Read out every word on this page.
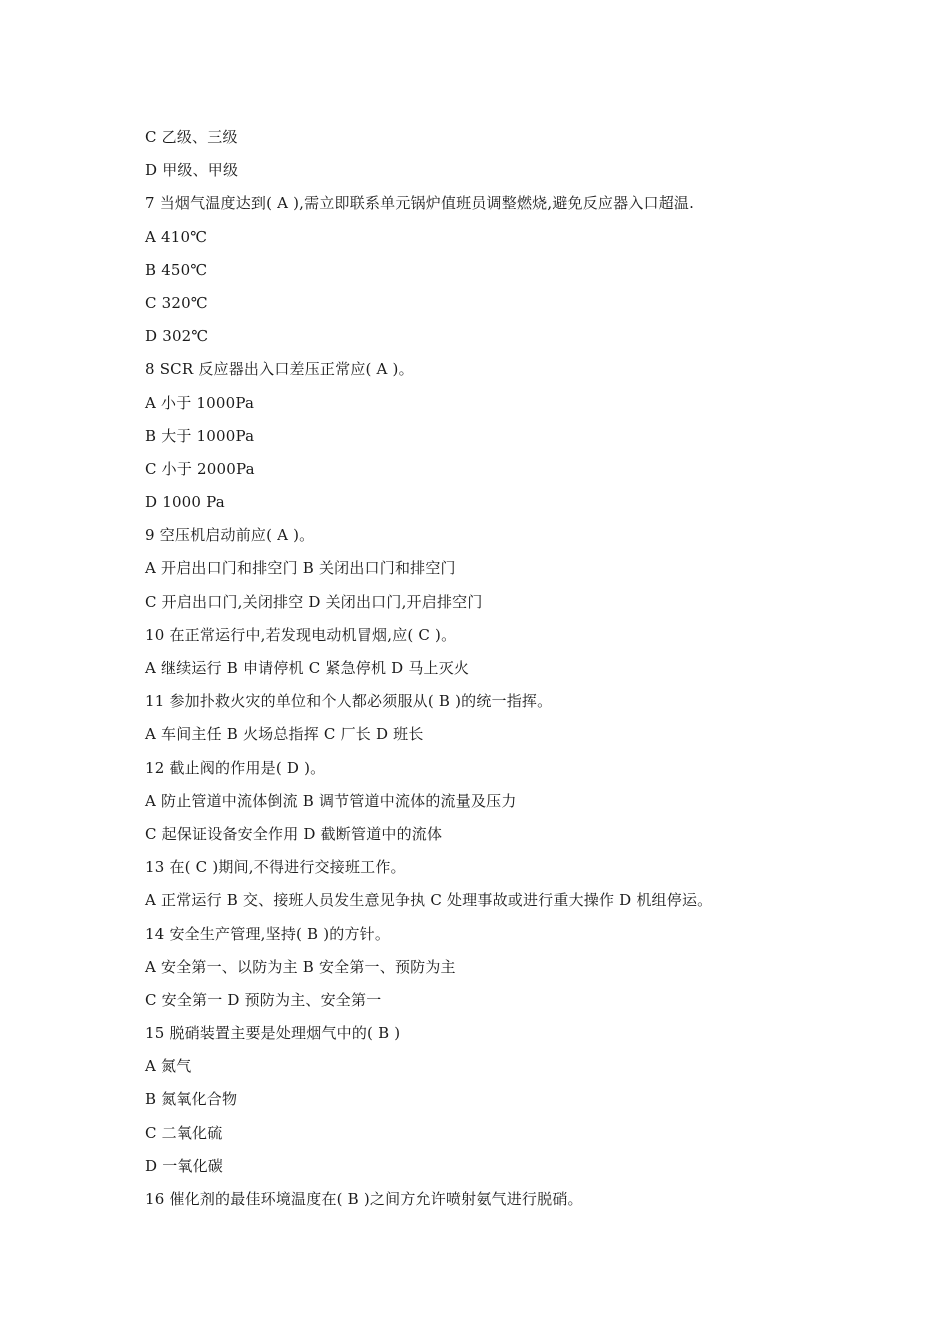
C 乙级、三级
D 甲级、甲级
7 当烟气温度达到( A ),需立即联系单元锅炉值班员调整燃烧,避免反应器入口超温.
A 410℃
B 450℃
C 320℃
D 302℃
8 SCR 反应器出入口差压正常应( A )。
A 小于 1000Pa
B 大于 1000Pa
C 小于 2000Pa
D 1000 Pa
9 空压机启动前应( A )。
A 开启出口门和排空门 B 关闭出口门和排空门
C 开启出口门,关闭排空 D 关闭出口门,开启排空门
10 在正常运行中,若发现电动机冒烟,应( C )。
A 继续运行 B 申请停机 C 紧急停机 D 马上灭火
11 参加扑救火灾的单位和个人都必须服从( B )的统一指挥。
A 车间主任 B 火场总指挥 C 厂长 D 班长
12 截止阀的作用是( D )。
A 防止管道中流体倒流 B 调节管道中流体的流量及压力
C 起保证设备安全作用 D 截断管道中的流体
13 在( C )期间,不得进行交接班工作。
A 正常运行 B 交、接班人员发生意见争执 C 处理事故或进行重大操作 D 机组停运。
14 安全生产管理,坚持( B )的方针。
A 安全第一、以防为主 B 安全第一、预防为主
C 安全第一 D 预防为主、安全第一
15 脱硝装置主要是处理烟气中的( B )
A 氮气
B 氮氧化合物
C 二氧化硫
D 一氧化碳
16 催化剂的最佳环境温度在( B )之间方允许喷射氨气进行脱硝。
